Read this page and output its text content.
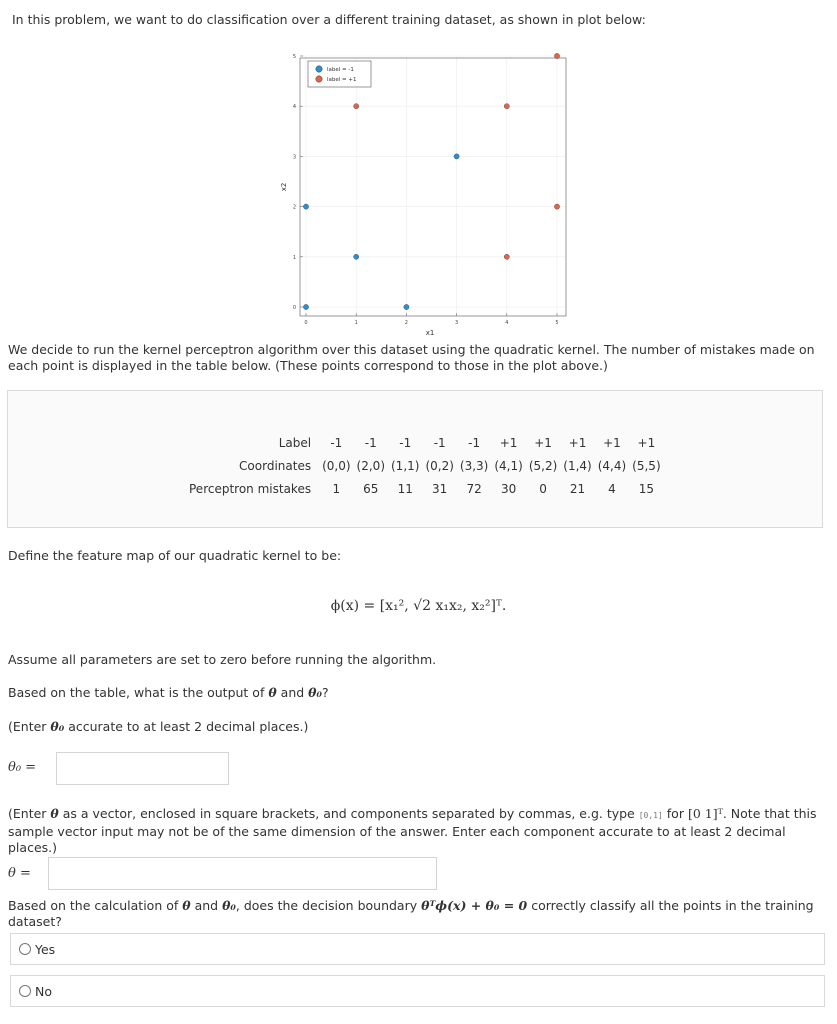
In this problem, we want to do classification over a different training dataset, as shown in plot below:
0	1	2	3	4	5
0
1
2
3
4
5
x1
x2
label = -1
label = +1
We decide to run the kernel perceptron algorithm over this dataset using the quadratic kernel. The number of mistakes made on each point is displayed in the table below. (These points correspond to those in the plot above.)
Label	-1	-1	-1	-1	-1	+1	+1	+1	+1	+1
Coordinates	(0,0)	(2,0)	(1,1)	(0,2)	(3,3)	(4,1)	(5,2)	(1,4)	(4,4)	(5,5)
Perceptron mistakes	1	65	11	31	72	30	0	21	4	15
Define the feature map of our quadratic kernel to be:
ϕ(x) = [x₁², √2 x₁x₂, x₂²]ᵀ.
Assume all parameters are set to zero before running the algorithm.
Based on the table, what is the output of θ and θ₀?
(Enter θ₀ accurate to at least 2 decimal places.)
θ₀ =
(Enter θ as a vector, enclosed in square brackets, and components separated by commas, e.g. type [0,1] for [0 1]ᵀ. Note that this sample vector input may not be of the same dimension of the answer. Enter each component accurate to at least 2 decimal places.)
θ =
Based on the calculation of θ and θ₀, does the decision boundary θᵀϕ(x) + θ₀ = 0 correctly classify all the points in the training dataset?
Yes
No
